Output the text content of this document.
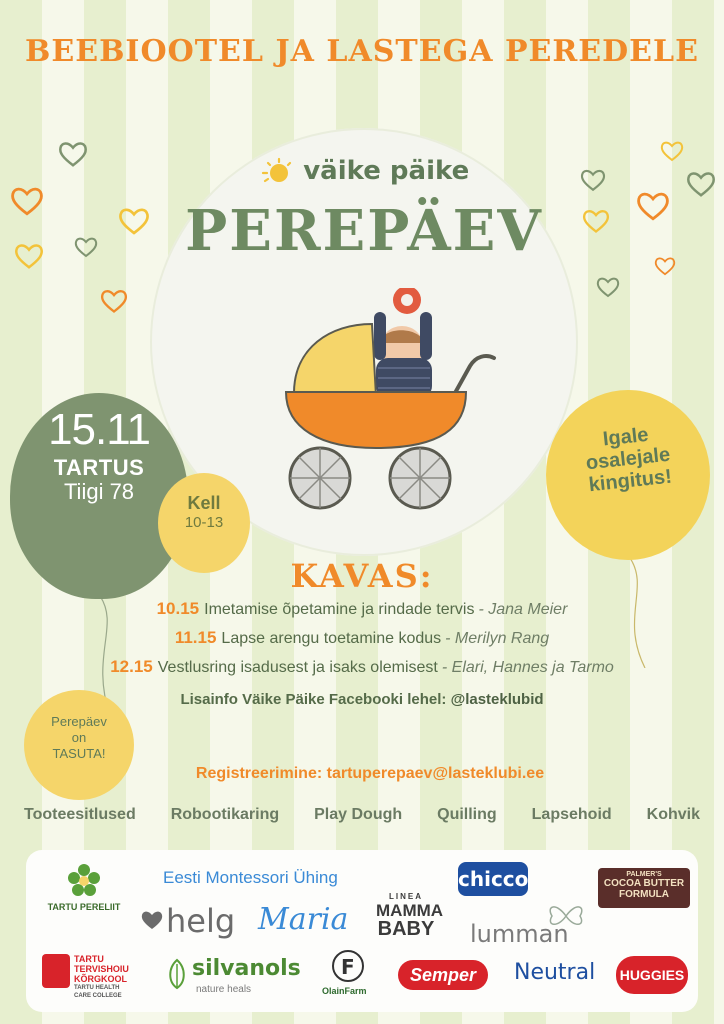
BEEBIOOTEL JA LASTEGA PEREDELE
väike päike
PEREPÄEV
15.11
TARTUS
Tiigi 78	Kell
10-13
Igale
osalejale
kingitus!
Perepäev
on
TASUTA!
KAVAS:
10.15 Imetamise õpetamine ja rindade tervis - Jana Meier
11.15 Lapse arengu toetamine kodus - Merilyn Rang
12.15 Vestlusring isadusest ja isaks olemisest - Elari, Hannes ja Tarmo
Lisainfo Väike Päike Facebooki lehel: @lasteklubid
Registreerimine: tartuperepaev@lasteklubi.ee
Tooteesitlused Robootikaring Play Dough Quilling Lapsehoid Kohvik
TARTU PERELIIT
Eesti Montessori Ühing	chicco	PALMER'S
COCOA BUTTER
FORMULA
helg Maria
LINEA
MAMMA
BABY lumman
TARTU
TERVISHOIU
KÕRGKOOL
TARTU HEALTH
CARE COLLEGE
silvanols
nature heals
F
OlainFarm
Semper	Neutral HUGGIES
